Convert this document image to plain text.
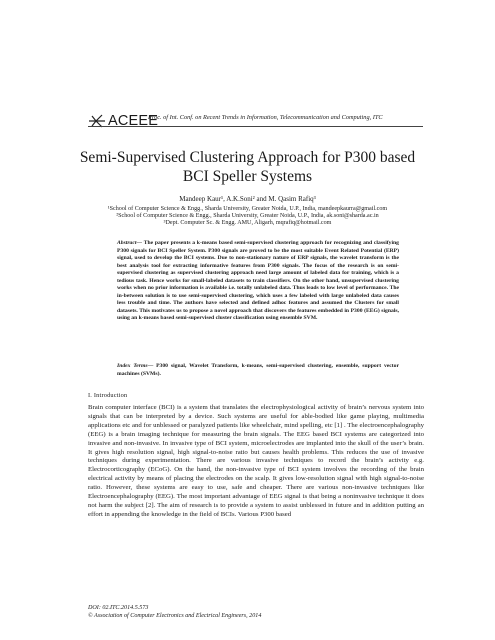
ACEEE
Proc. of Int. Conf. on Recent Trends in Information, Telecommunication and Computing, ITC
Semi-Supervised Clustering Approach for P300 based
BCI Speller Systems
Mandeep Kaur¹, A.K.Soni² and M. Qasim Rafiq³
¹School of Computer Science & Engg., Sharda University, Greater Noida, U.P., India, mandeepkaurra@gmail.com
²School of Computer Science & Engg., Sharda University, Greater Noida, U.P., India, ak.soni@sharda.ac.in
³Dept. Computer Sc. & Engg. AMU, Aligarh, mqrafiq@hotmail.com
Abstract— The paper presents a k-means based semi-supervised clustering approach for recognizing and classifying P300 signals for BCI Speller System. P300 signals are proved to be the most suitable Event Related Potential (ERP) signal, used to develop the BCI systems. Due to non-stationary nature of ERP signals, the wavelet transform is the best analysis tool for extracting informative features from P300 signals. The focus of the research is on semi-supervised clustering as supervised clustering approach need large amount of labeled data for training, which is a tedious task. Hence works for small-labeled datasets to train classifiers. On the other hand, unsupervised clustering works when no prior information is available i.e. totally unlabeled data. Thus leads to low level of performance. The in-between solution is to use semi-supervised clustering, which uses a few labeled with large unlabeled data causes less trouble and time. The authors have selected and defined adhoc features and assumed the Clusters for small datasets. This motivates us to propose a novel approach that discovers the features embedded in P300 (EEG) signals, using an k-means based semi-supervised cluster classification using ensemble SVM.
Index Terms— P300 signal, Wavelet Transform, k-means, semi-supervised clustering, ensemble, support vector machines (SVMs).
I. Introduction
Brain computer interface (BCI) is a system that translates the electrophysiological activity of brain’s nervous system into signals that can be interpreted by a device. Such systems are useful for able-bodied like game playing, multimedia applications etc and for unblessed or paralyzed patients like wheelchair, mind spelling, etc [1] . The electroencephalography (EEG) is a brain imaging technique for measuring the brain signals. The EEG based BCI systems are categorized into invasive and non-invasive. In invasive type of BCI system, microelectrodes are implanted into the skull of the user’s brain. It gives high resolution signal, high signal-to-noise ratio but causes health problems. This reduces the use of invasive techniques during experimentation. There are various invasive techniques to record the brain’s activity e.g. Electrocorticography (ECoG). On the hand, the non-invasive type of BCI system involves the recording of the brain electrical activity by means of placing the electrodes on the scalp. It gives low-resolution signal with high signal-to-noise ratio. However, these systems are easy to use, safe and cheaper. There are various non-invasive techniques like Electroencephalography (EEG). The most important advantage of EEG signal is that being a noninvasive technique it does not harm the subject [2]. The aim of research is to provide a system to assist unblessed in future and in addition putting an effort in appending the knowledge in the field of BCIs. Various P300 based
DOI: 02.ITC.2014.5.573
© Association of Computer Electronics and Electrical Engineers, 2014
